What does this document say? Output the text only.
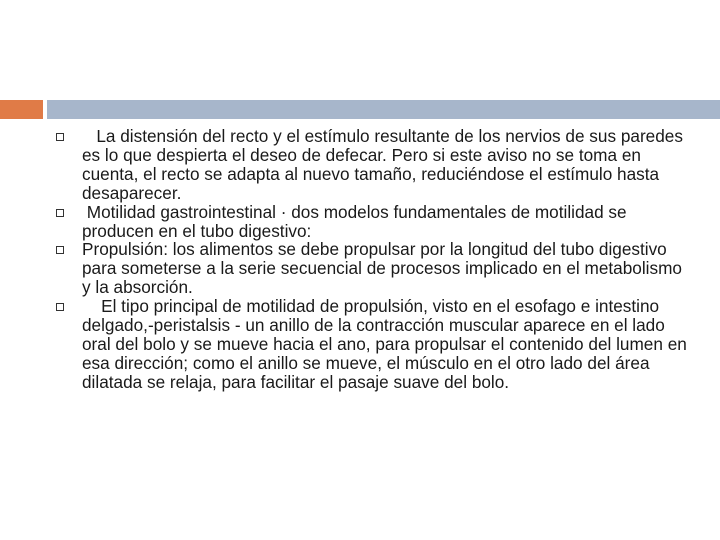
La distensión del recto y el estímulo resultante de los nervios de sus paredes es lo que despierta el deseo de defecar. Pero si este aviso no se toma en cuenta, el recto se adapta al nuevo tamaño, reduciéndose el estímulo hasta desaparecer.
Motilidad gastrointestinal · dos modelos fundamentales de motilidad se producen en el tubo digestivo:
Propulsión: los alimentos se debe propulsar por la longitud del tubo digestivo para someterse a la serie secuencial de procesos implicado en el metabolismo y la absorción.
El tipo principal de motilidad de propulsión, visto en el esofago e intestino delgado,-peristalsis - un anillo de la contracción muscular aparece en el lado oral del bolo y se mueve hacia el ano, para propulsar el contenido del lumen en esa dirección; como el anillo se mueve, el músculo en el otro lado del área dilatada se relaja, para facilitar el pasaje suave del bolo.
